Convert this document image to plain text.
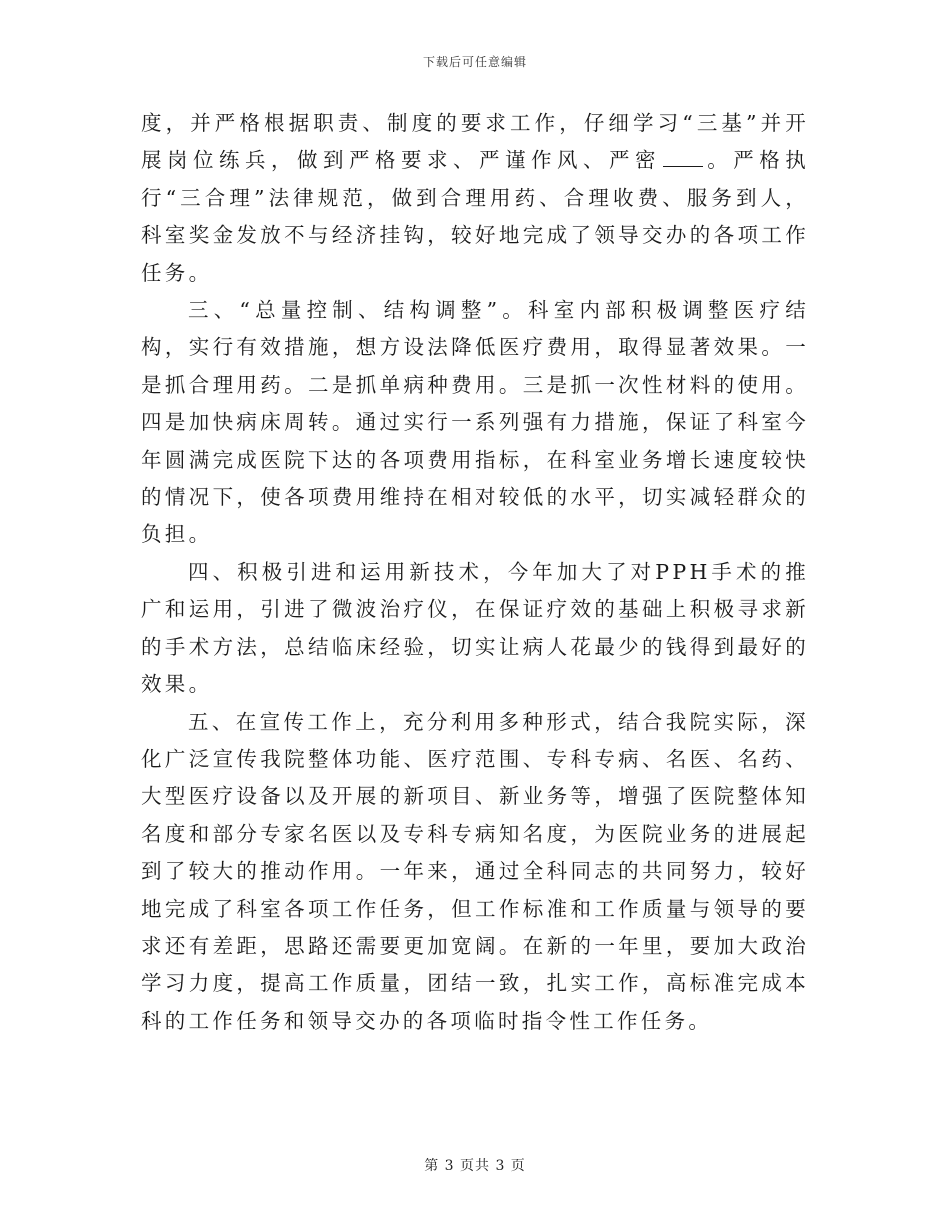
下载后可任意编辑

度，并严格根据职责、制度的要求工作，仔细学习“三基”并开展岗位练兵，做到严格要求、严谨作风、严密 。严格执行“三合理”法律规范，做到合理用药、合理收费、服务到人，科室奖金发放不与经济挂钩，较好地完成了领导交办的各项工作任务。

三、“总量控制、结构调整”。科室内部积极调整医疗结构，实行有效措施，想方设法降低医疗费用，取得显著效果。一是抓合理用药。二是抓单病种费用。三是抓一次性材料的使用。四是加快病床周转。通过实行一系列强有力措施，保证了科室今年圆满完成医院下达的各项费用指标，在科室业务增长速度较快的情况下，使各项费用维持在相对较低的水平，切实减轻群众的负担。

四、积极引进和运用新技术，今年加大了对PPH手术的推广和运用，引进了微波治疗仪，在保证疗效的基础上积极寻求新的手术方法，总结临床经验，切实让病人花最少的钱得到最好的效果。

五、在宣传工作上，充分利用多种形式，结合我院实际，深化广泛宣传我院整体功能、医疗范围、专科专病、名医、名药、大型医疗设备以及开展的新项目、新业务等，增强了医院整体知名度和部分专家名医以及专科专病知名度，为医院业务的进展起到了较大的推动作用。一年来，通过全科同志的共同努力，较好地完成了科室各项工作任务，但工作标准和工作质量与领导的要求还有差距，思路还需要更加宽阔。在新的一年里，要加大政治学习力度，提高工作质量，团结一致，扎实工作，高标准完成本科的工作任务和领导交办的各项临时指令性工作任务。

第 3 页共 3 页
